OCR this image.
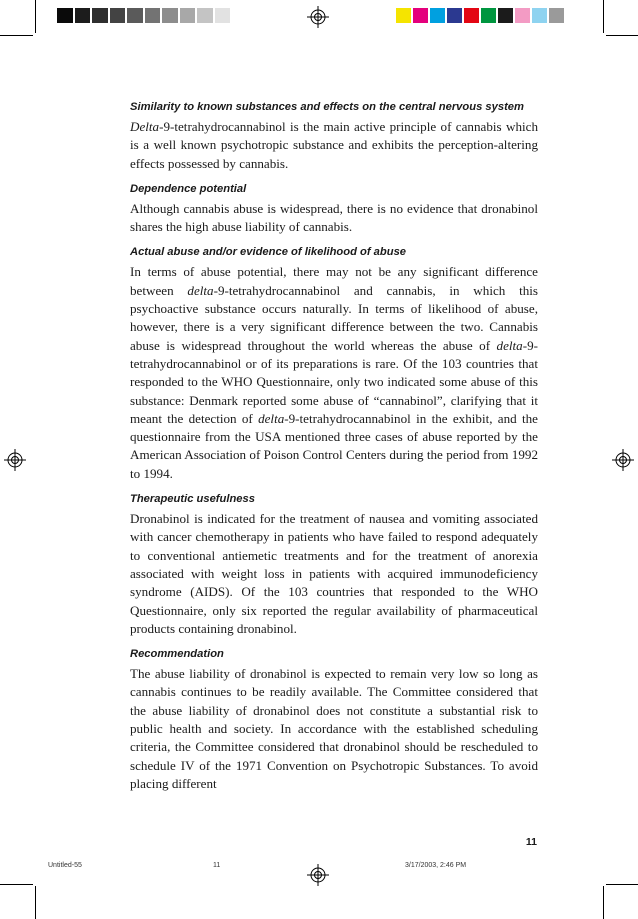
Similarity to known substances and effects on the central nervous system

Delta-9-tetrahydrocannabinol is the main active principle of cannabis which is a well known psychotropic substance and exhibits the perception-altering effects possessed by cannabis.

Dependence potential

Although cannabis abuse is widespread, there is no evidence that dronabinol shares the high abuse liability of cannabis.

Actual abuse and/or evidence of likelihood of abuse

In terms of abuse potential, there may not be any significant difference between delta-9-tetrahydrocannabinol and cannabis, in which this psychoactive substance occurs naturally. In terms of likelihood of abuse, however, there is a very significant difference between the two. Cannabis abuse is widespread throughout the world whereas the abuse of delta-9-tetrahydrocannabinol or of its preparations is rare. Of the 103 countries that responded to the WHO Questionnaire, only two indicated some abuse of this substance: Denmark reported some abuse of “cannabinol”, clarifying that it meant the detection of delta-9-tetrahydrocannabinol in the exhibit, and the questionnaire from the USA mentioned three cases of abuse reported by the American Association of Poison Control Centers during the period from 1992 to 1994.

Therapeutic usefulness

Dronabinol is indicated for the treatment of nausea and vomiting associated with cancer chemotherapy in patients who have failed to respond adequately to conventional antiemetic treatments and for the treatment of anorexia associated with weight loss in patients with acquired immunodeficiency syndrome (AIDS). Of the 103 countries that responded to the WHO Questionnaire, only six reported the regular availability of pharmaceutical products containing dronabinol.

Recommendation

The abuse liability of dronabinol is expected to remain very low so long as cannabis continues to be readily available. The Committee considered that the abuse liability of dronabinol does not constitute a substantial risk to public health and society. In accordance with the established scheduling criteria, the Committee considered that dronabinol should be rescheduled to schedule IV of the 1971 Convention on Psychotropic Substances. To avoid placing different

11
Untitled-55	11	3/17/2003, 2:46 PM
